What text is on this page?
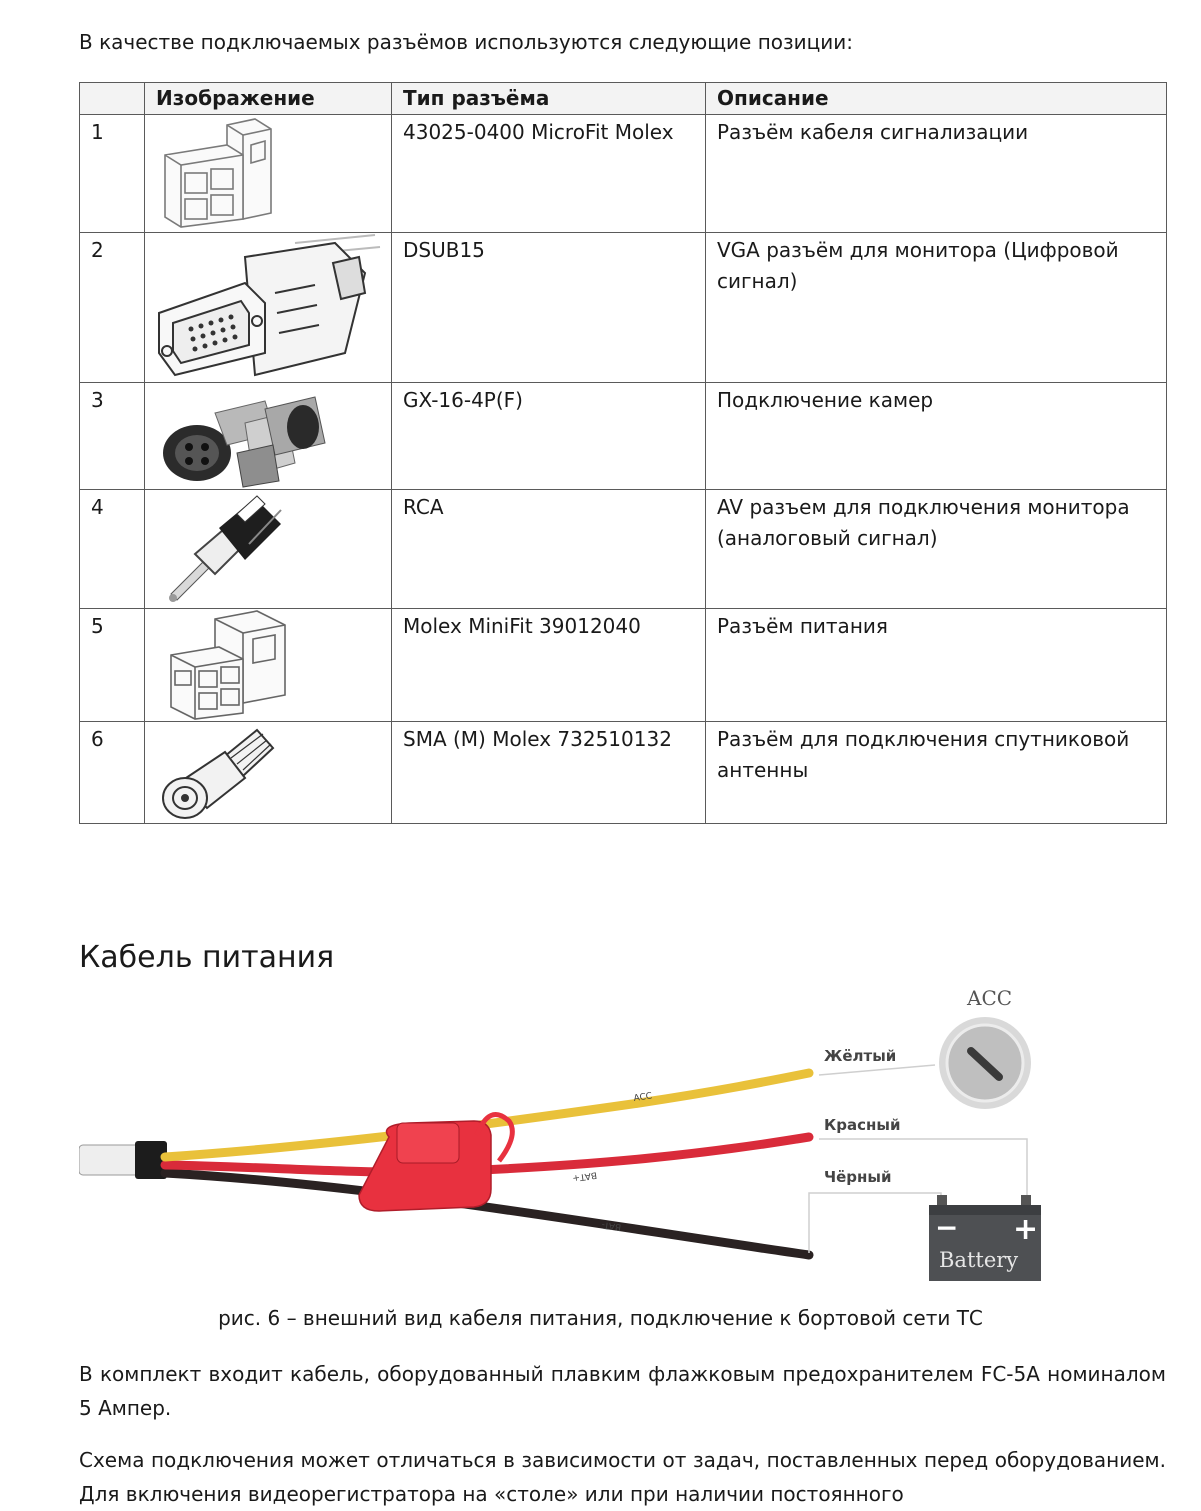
В качестве подключаемых разъёмов используются следующие позиции:
	Изображение	Тип разъёма	Описание
1		43025-0400 MicroFit Molex	Разъём кабеля сигнализации
2		DSUB15	VGA разъём для монитора (Цифровой сигнал)
3		GX-16-4P(F)	Подключение камер
4		RCA	AV разъем для подключения монитора (аналоговый сигнал)
5		Molex MiniFit 39012040	Разъём питания
6		SMA (M) Molex 732510132	Разъём для подключения спутниковой антенны
Кабель питания
ACC
BAT+
BAT-
Жёлтый
Красный
Чёрный
ACC
− +
Battery
рис. 6 – внешний вид кабеля питания, подключение к бортовой сети ТС
В комплект входит кабель, оборудованный плавким флажковым предохранителем FC-5A номиналом 5 Ампер.
Схема подключения может отличаться в зависимости от задач, поставленных перед оборудованием. Для включения видеорегистратора на «столе» или при наличии постоянного
